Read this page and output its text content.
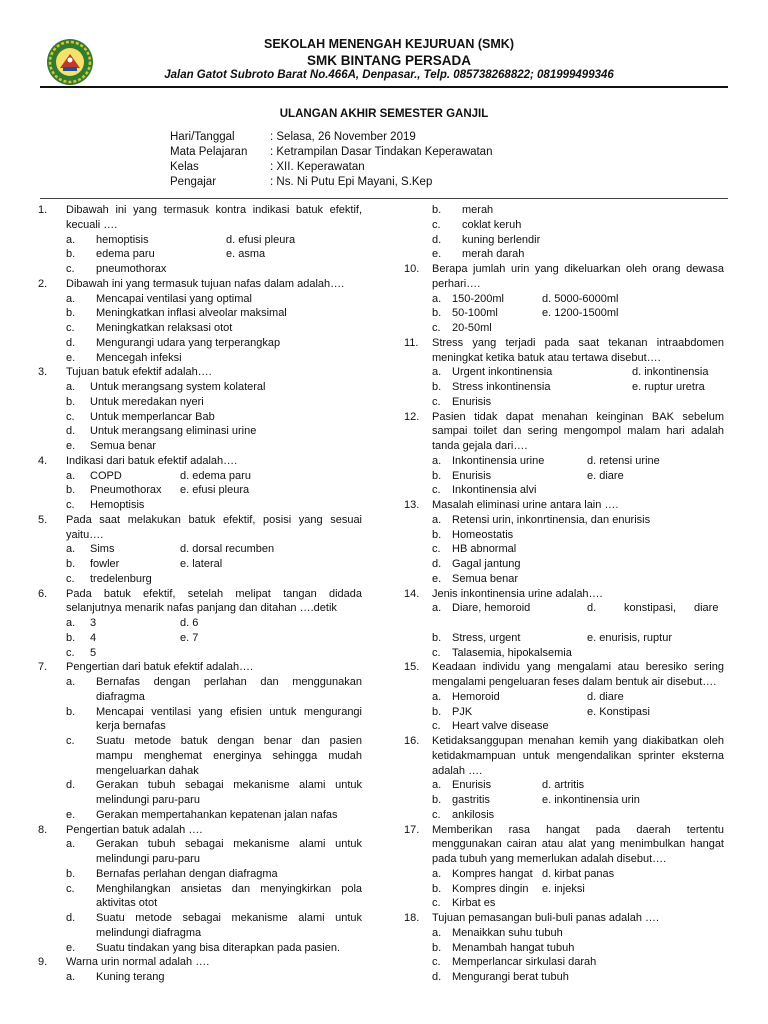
SEKOLAH MENENGAH KEJURUAN (SMK)
SMK BINTANG PERSADA
Jalan Gatot Subroto Barat No.466A, Denpasar., Telp. 085738268822; 081999499346
ULANGAN AKHIR SEMESTER GANJIL
Hari/Tanggal	: Selasa, 26 November 2019
Mata Pelajaran : Ketrampilan Dasar Tindakan Keperawatan
Kelas	: XII. Keperawatan
Pengajar	: Ns. Ni Putu Epi Mayani, S.Kep
1.	Dibawah ini yang termasuk kontra indikasi batuk efektif, kecuali ….
a. hemoptisis	d. efusi pleura
b. edema paru	e. asma
c. pneumothorax
2.	Dibawah ini yang termasuk tujuan nafas dalam adalah….
a. Mencapai ventilasi yang optimal
b. Meningkatkan inflasi alveolar maksimal
c. Meningkatkan relaksasi otot
d. Mengurangi udara yang terperangkap
e. Mencegah infeksi
3.	Tujuan batuk efektif adalah….
a. Untuk merangsang system kolateral
b. Untuk meredakan nyeri
c. Untuk memperlancar Bab
d. Untuk merangsang eliminasi urine
e. Semua benar
4.	Indikasi dari batuk efektif adalah….
a. COPD	d. edema paru
b. Pneumothorax e. efusi pleura
c. Hemoptisis
5.	Pada saat melakukan batuk efektif, posisi yang sesuai yaitu….
a. Sims	d. dorsal recumben
b. fowler	e. lateral
c. tredelenburg
6.	Pada batuk efektif, setelah melipat tangan didada selanjutnya menarik nafas panjang dan ditahan ….detik
a. 3	d. 6
b. 4	e. 7
c. 5
7.	Pengertian dari batuk efektif adalah….
a. Bernafas dengan perlahan dan menggunakan diafragma
b. Mencapai ventilasi yang efisien untuk mengurangi kerja bernafas
c. Suatu metode batuk dengan benar dan pasien mampu menghemat energinya sehingga mudah mengeluarkan dahak
d. Gerakan tubuh sebagai mekanisme alami untuk melindungi paru-paru
e. Gerakan mempertahankan kepatenan jalan nafas
8.	Pengertian batuk adalah ….
a. Gerakan tubuh sebagai mekanisme alami untuk melindungi paru-paru
b. Bernafas perlahan dengan diafragma
c. Menghilangkan ansietas dan menyingkirkan pola aktivitas otot
d. Suatu metode sebagai mekanisme alami untuk melindungi diafragma
e. Suatu tindakan yang bisa diterapkan pada pasien.
9.	Warna urin normal adalah ….
a. Kuning terang
b. merah
c. coklat keruh
d. kuning berlendir
e. merah darah
10.	Berapa jumlah urin yang dikeluarkan oleh orang dewasa perhari….
a. 150-200ml	d. 5000-6000ml
b. 50-100ml	e. 1200-1500ml
c. 20-50ml
11.	Stress yang terjadi pada saat tekanan intraabdomen meningkat ketika batuk atau tertawa disebut….
a. Urgent inkontinensia	d. inkontinensia
b. Stress inkontinensia	e. ruptur uretra
c. Enurisis
12.	Pasien tidak dapat menahan keinginan BAK sebelum sampai toilet dan sering mengompol malam hari adalah tanda gejala dari….
a. Inkontinensia urine	d. retensi urine
b. Enurisis	e. diare
c. Inkontinensia alvi
13.	Masalah eliminasi urine antara lain ….
a. Retensi urin, inkonrtinensia, dan enurisis
b. Homeostatis
c. HB abnormal
d. Gagal jantung
e. Semua benar
14.	Jenis inkontinensia urine adalah….
a. Diare, hemoroid	d.	konstipasi, diare
b. Stress, urgent	e. enurisis, ruptur
c. Talasemia, hipokalsemia
15.	Keadaan individu yang mengalami atau beresiko sering mengalami pengeluaran feses dalam bentuk air disebut….
a. Hemoroid	d. diare
b. PJK	e. Konstipasi
c. Heart valve disease
16.	Ketidaksanggupan menahan kemih yang diakibatkan oleh ketidakmampuan untuk mengendalikan sprinter eksterna adalah ….
a. Enurisis	d. artritis
b. gastritis	e. inkontinensia urin
c. ankilosis
17.	Memberikan rasa hangat pada daerah tertentu menggunakan cairan atau alat yang menimbulkan hangat pada tubuh yang memerlukan adalah disebut….
a. Kompres hangat d. kirbat panas
b. Kompres dingin e. injeksi
c. Kirbat es
18.	Tujuan pemasangan buli-buli panas adalah ….
a. Menaikkan suhu tubuh
b. Menambah hangat tubuh
c. Memperlancar sirkulasi darah
d. Mengurangi berat tubuh
